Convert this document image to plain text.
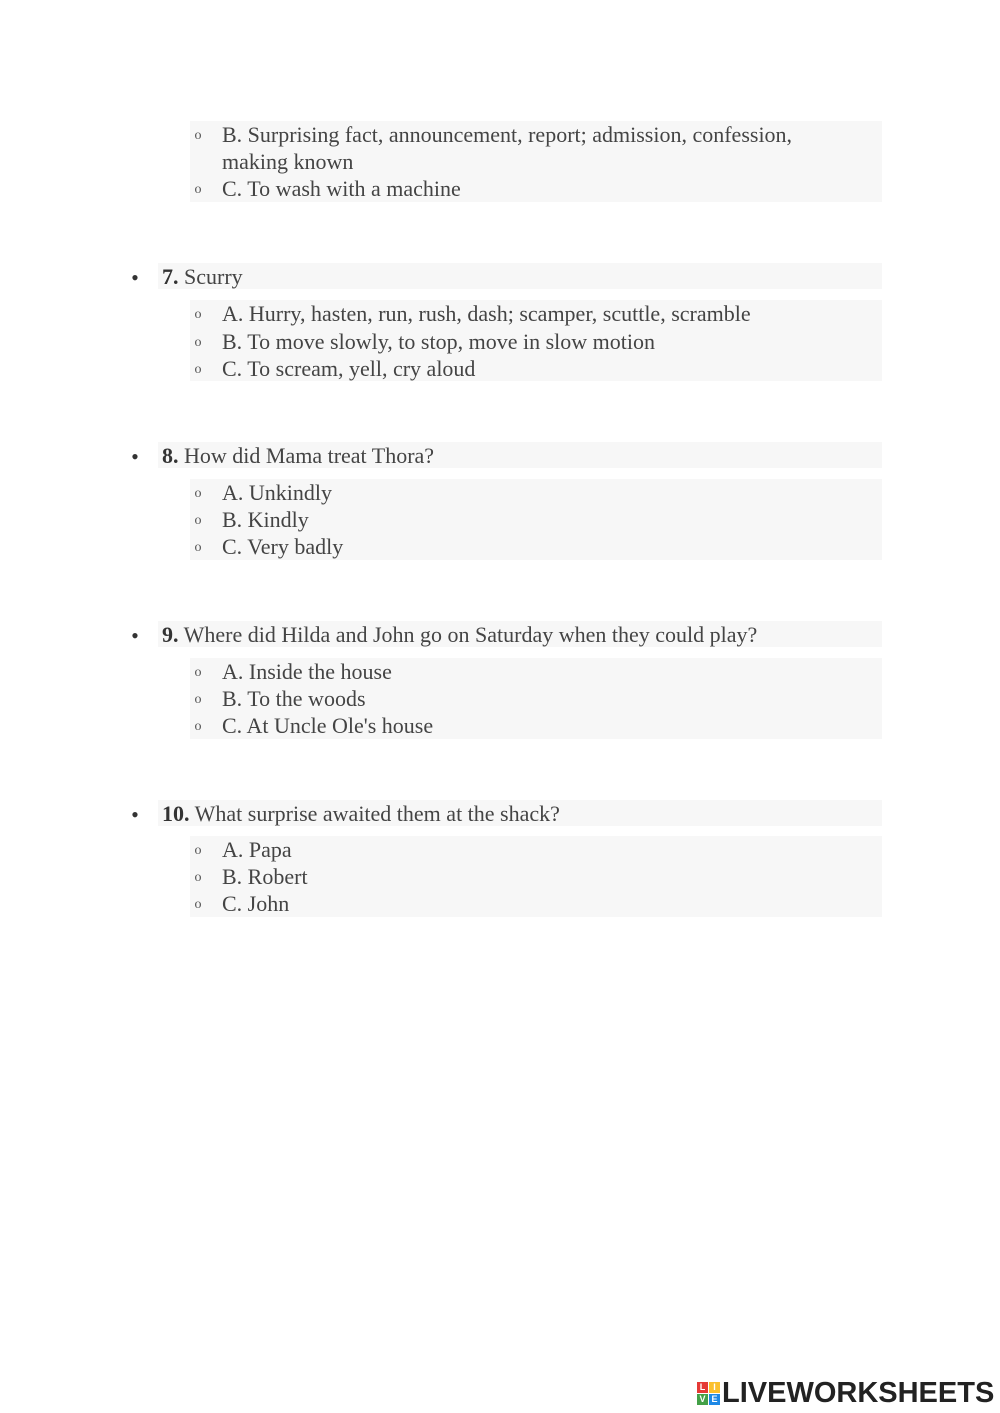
o B. Surprising fact, announcement, report; admission, confession,
making known
o C. To wash with a machine
• 7. Scurry
o A. Hurry, hasten, run, rush, dash; scamper, scuttle, scramble
o B. To move slowly, to stop, move in slow motion
o C. To scream, yell, cry aloud
• 8. How did Mama treat Thora?
o A. Unkindly
o B. Kindly
o C. Very badly
• 9. Where did Hilda and John go on Saturday when they could play?
o A. Inside the house
o B. To the woods
o C. At Uncle Ole's house
• 10. What surprise awaited them at the shack?
o A. Papa
o B. Robert
o C. John
L I
V E LIVEWORKSHEETS
